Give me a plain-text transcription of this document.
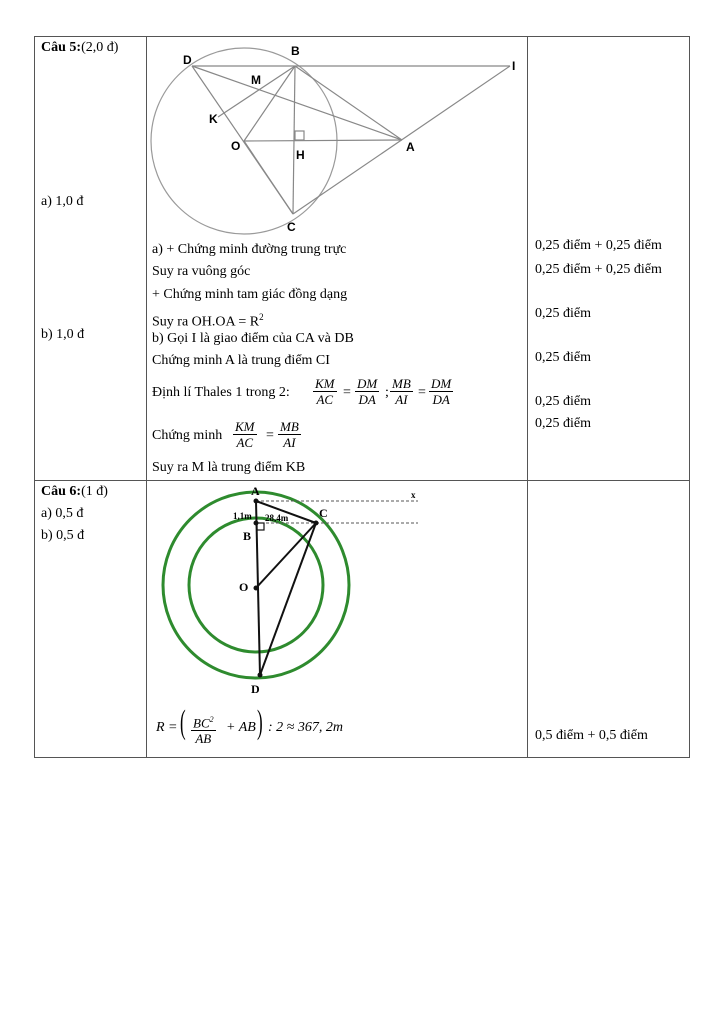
Câu 5:(2,0 đ)
a) 1,0 đ
b) 1,0 đ
D
B
I
M
K
O
H
A
C
a) + Chứng minh đường trung trực
Suy ra vuông góc
+ Chứng minh tam giác đồng dạng
Suy ra $OH.OA = R^2$
b) Gọi I là giao điểm của CA và DB
Chứng minh A là trung điểm CI
Định lí Thales 1 trong 2: $\frac{KM}{AC} = \frac{DM}{DA}$ ; $\frac{MB}{AI} = \frac{DM}{DA}$
Chứng minh $\frac{KM}{AC} = \frac{MB}{AI}$
Suy ra M là trung điểm KB
0,25 điểm + 0,25 điểm
0,25 điểm + 0,25 điểm
0,25 điểm
0,25 điểm
0,25 điểm
0,25 điểm
Câu 6:(1 đ)
a) 0,5 đ
b) 0,5 đ
A
B
C
O
D
x
1,1m 28,4m
R = ( $\frac{BC^2}{AB}$ + AB ) : 2 ≈ 367, 2m
0,5 điểm + 0,5 điểm
